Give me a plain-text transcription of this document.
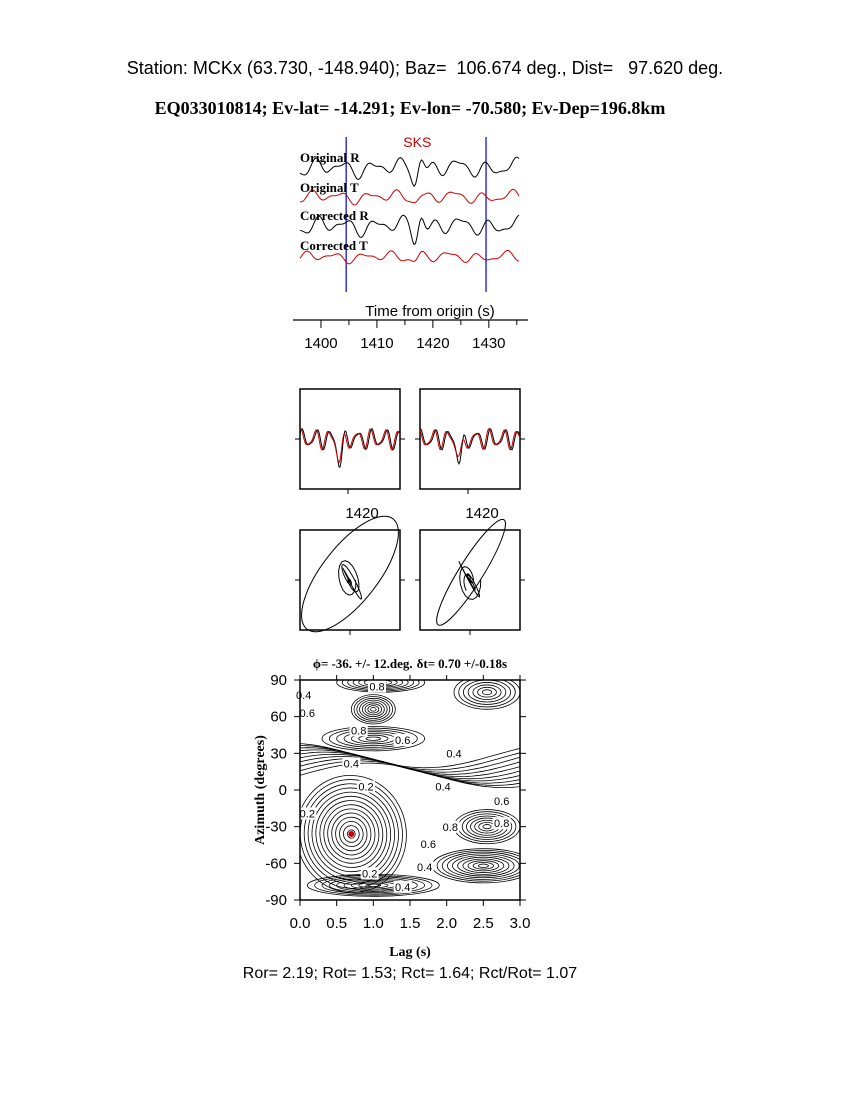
Station: MCKx (63.730, -148.940); Baz=  106.674 deg., Dist=   97.620 deg.
EQ033010814; Ev-lat= -14.291; Ev-lon= -70.580; Ev-Dep=196.8km
SKS
Original R
Original T
Corrected R
Corrected T
Time from origin (s)
1400 1410 1420 1430
1420	1420
ϕ= -36. +/- 12.deg. δt= 0.70 +/-0.18s
0.8
0.4
0.6
0.8
0.6
0.4
0.4
0.2	0.4
0.6
0.2
0.8	0.8
0.6
0.4
0.2
0.4
0.0 0.5 1.0 1.5 2.0 2.5 3.0
90
60
30
0
-30
-60
-90
Lag (s)
Azimuth (degrees)
Ror= 2.19; Rot= 1.53; Rct= 1.64; Rct/Rot= 1.07
